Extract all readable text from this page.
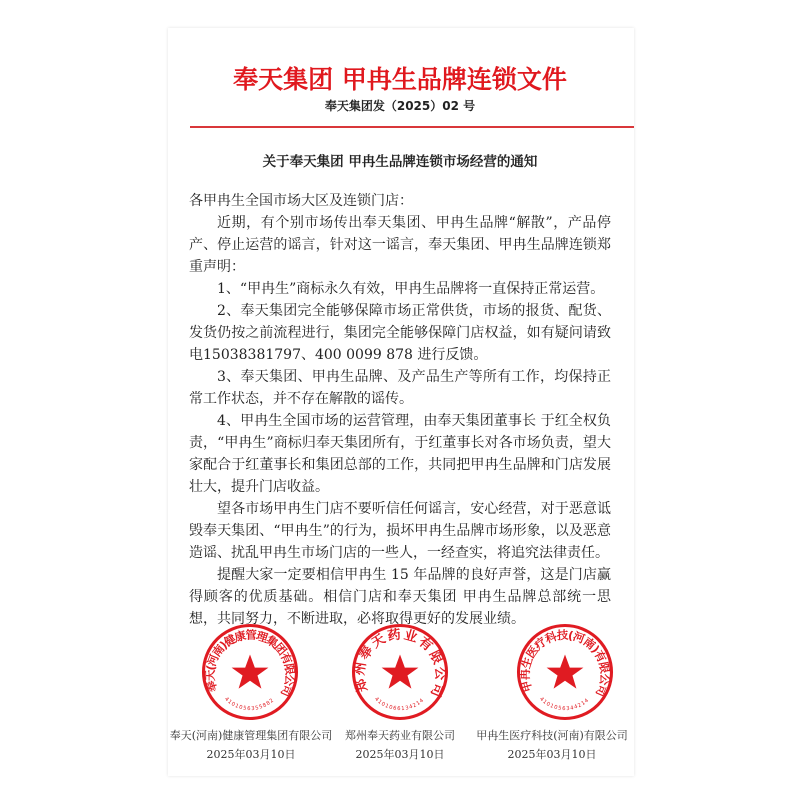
奉天集团 甲冉生品牌连锁文件
奉天集团发（2025）02 号
关于奉天集团 甲冉生品牌连锁市场经营的通知

各甲冉生全国市场大区及连锁门店：

近期，有个别市场传出奉天集团、甲冉生品牌“解散”，产品停产、停止运营的谣言，针对这一谣言，奉天集团、甲冉生品牌连锁郑重声明：

1、“甲冉生”商标永久有效，甲冉生品牌将一直保持正常运营。

2、奉天集团完全能够保障市场正常供货，市场的报货、配货、发货仍按之前流程进行，集团完全能够保障门店权益，如有疑问请致电15038381797、400 0099 878 进行反馈。

3、奉天集团、甲冉生品牌、及产品生产等所有工作，均保持正常工作状态，并不存在解散的谣传。

4、甲冉生全国市场的运营管理，由奉天集团董事长 于红全权负责，“甲冉生”商标归奉天集团所有，于红董事长对各市场负责，望大家配合于红董事长和集团总部的工作，共同把甲冉生品牌和门店发展壮大，提升门店收益。

望各市场甲冉生门店不要听信任何谣言，安心经营，对于恶意诋毁奉天集团、“甲冉生”的行为，损坏甲冉生品牌市场形象，以及恶意造谣、扰乱甲冉生市场门店的一些人，一经查实，将追究法律责任。

提醒大家一定要相信甲冉生 15 年品牌的良好声誉，这是门店赢得顾客的优质基础。相信门店和奉天集团 甲冉生品牌总部统一思想，共同努力，不断进取，必将取得更好的发展业绩。

奉天(河南)健康管理集团有限公司
4101056355882
郑州奉天药业有限公司
4101066134214
甲冉生医疗科技(河南)有限公司
4101056344214
奉天(河南)健康管理集团有限公司
2025年03月10日
郑州奉天药业有限公司
2025年03月10日
甲冉生医疗科技(河南)有限公司
2025年03月10日
